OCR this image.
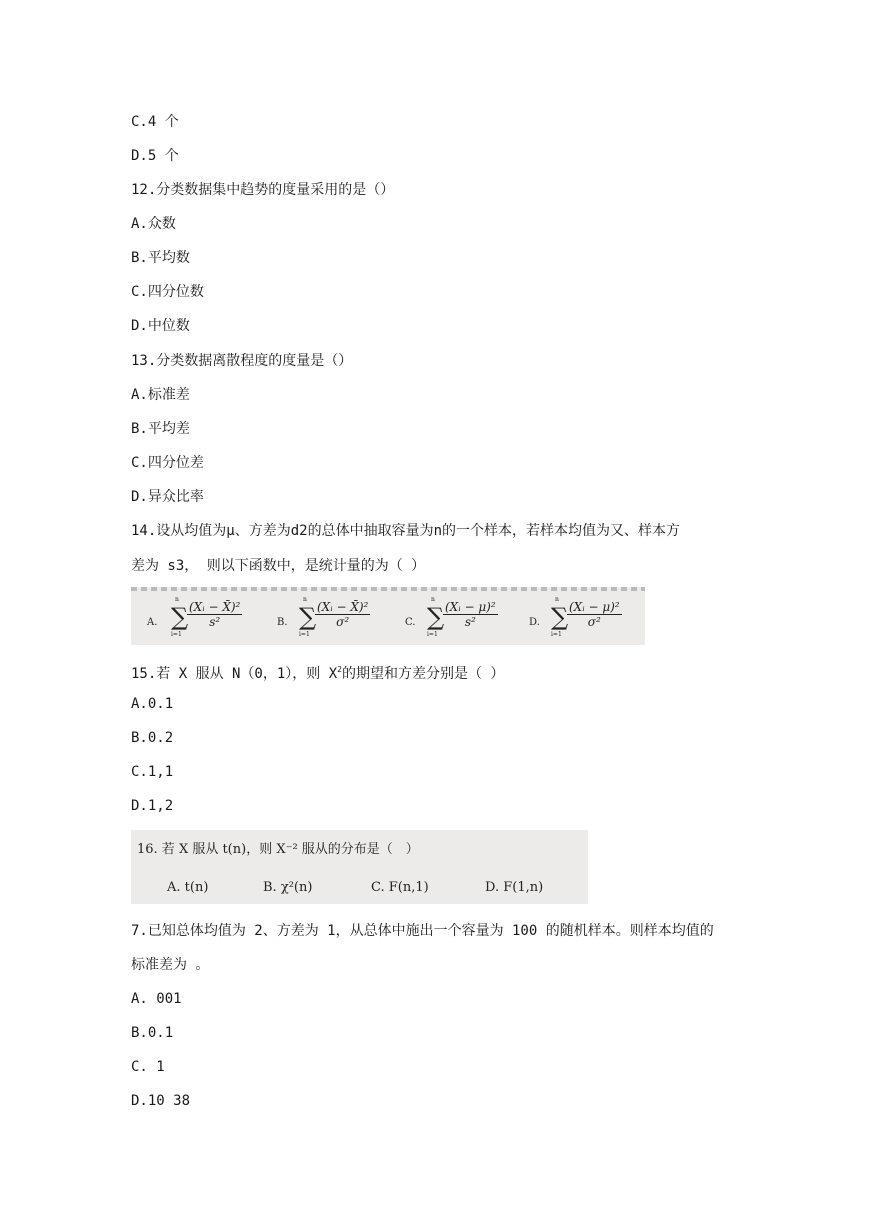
C.4 个
D.5 个
12.分类数据集中趋势的度量采用的是（）
A.众数
B.平均数
C.四分位数
D.中位数
13.分类数据离散程度的度量是（）
A.标准差
B.平均差
C.四分位差
D.异众比率
14.设从均值为μ、方差为d2的总体中抽取容量为n的一个样本，若样本均值为又、样本方
差为 s3， 则以下函数中，是统计量的为（ ）
A.
n
∑
i=1
$\frac{\text{(Xᵢ − X̄)²}}{\text{s²}}$	B.
n
∑
i=1
$\frac{\text{(Xᵢ − X̄)²}}{\text{σ²}}$	C.
n
∑
i=1
$\frac{\text{(Xᵢ − μ)²}}{\text{s²}}$	D.
n
∑
i=1
$\frac{\text{(Xᵢ − μ)²}}{\text{σ²}}$
15.若 X 服从 N（0，1），则 $X^2$的期望和方差分别是（ ）
A.0.1
B.0.2
C.1,1
D.1,2
16. 若 X 服从 t(n)，则 X⁻² 服从的分布是（　）
A. t(n)	B. χ²(n)	C. F(n,1)	D. F(1,n)
7.已知总体均值为 2、方差为 1，从总体中施出一个容量为 100 的随机样本。则样本均值的
标准差为 。
A. 001
B.0.1
C. 1
D.10 38
